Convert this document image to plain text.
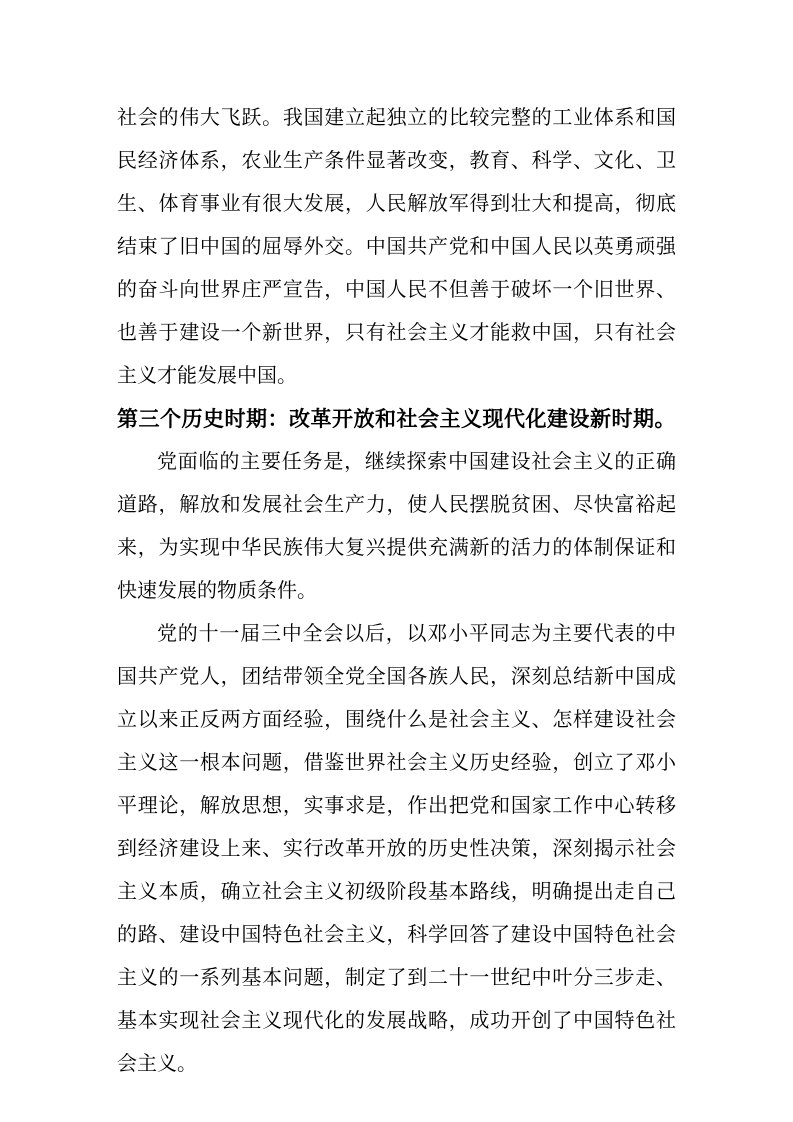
社会的伟大飞跃。我国建立起独立的比较完整的工业体系和国民经济体系，农业生产条件显著改变，教育、科学、文化、卫生、体育事业有很大发展，人民解放军得到壮大和提高，彻底结束了旧中国的屈辱外交。中国共产党和中国人民以英勇顽强的奋斗向世界庄严宣告，中国人民不但善于破坏一个旧世界、也善于建设一个新世界，只有社会主义才能救中国，只有社会主义才能发展中国。

第三个历史时期：改革开放和社会主义现代化建设新时期。

党面临的主要任务是，继续探索中国建设社会主义的正确道路，解放和发展社会生产力，使人民摆脱贫困、尽快富裕起来，为实现中华民族伟大复兴提供充满新的活力的体制保证和快速发展的物质条件。

党的十一届三中全会以后，以邓小平同志为主要代表的中国共产党人，团结带领全党全国各族人民，深刻总结新中国成立以来正反两方面经验，围绕什么是社会主义、怎样建设社会主义这一根本问题，借鉴世界社会主义历史经验，创立了邓小平理论，解放思想，实事求是，作出把党和国家工作中心转移到经济建设上来、实行改革开放的历史性决策，深刻揭示社会主义本质，确立社会主义初级阶段基本路线，明确提出走自己的路、建设中国特色社会主义，科学回答了建设中国特色社会主义的一系列基本问题，制定了到二十一世纪中叶分三步走、基本实现社会主义现代化的发展战略，成功开创了中国特色社会主义。
